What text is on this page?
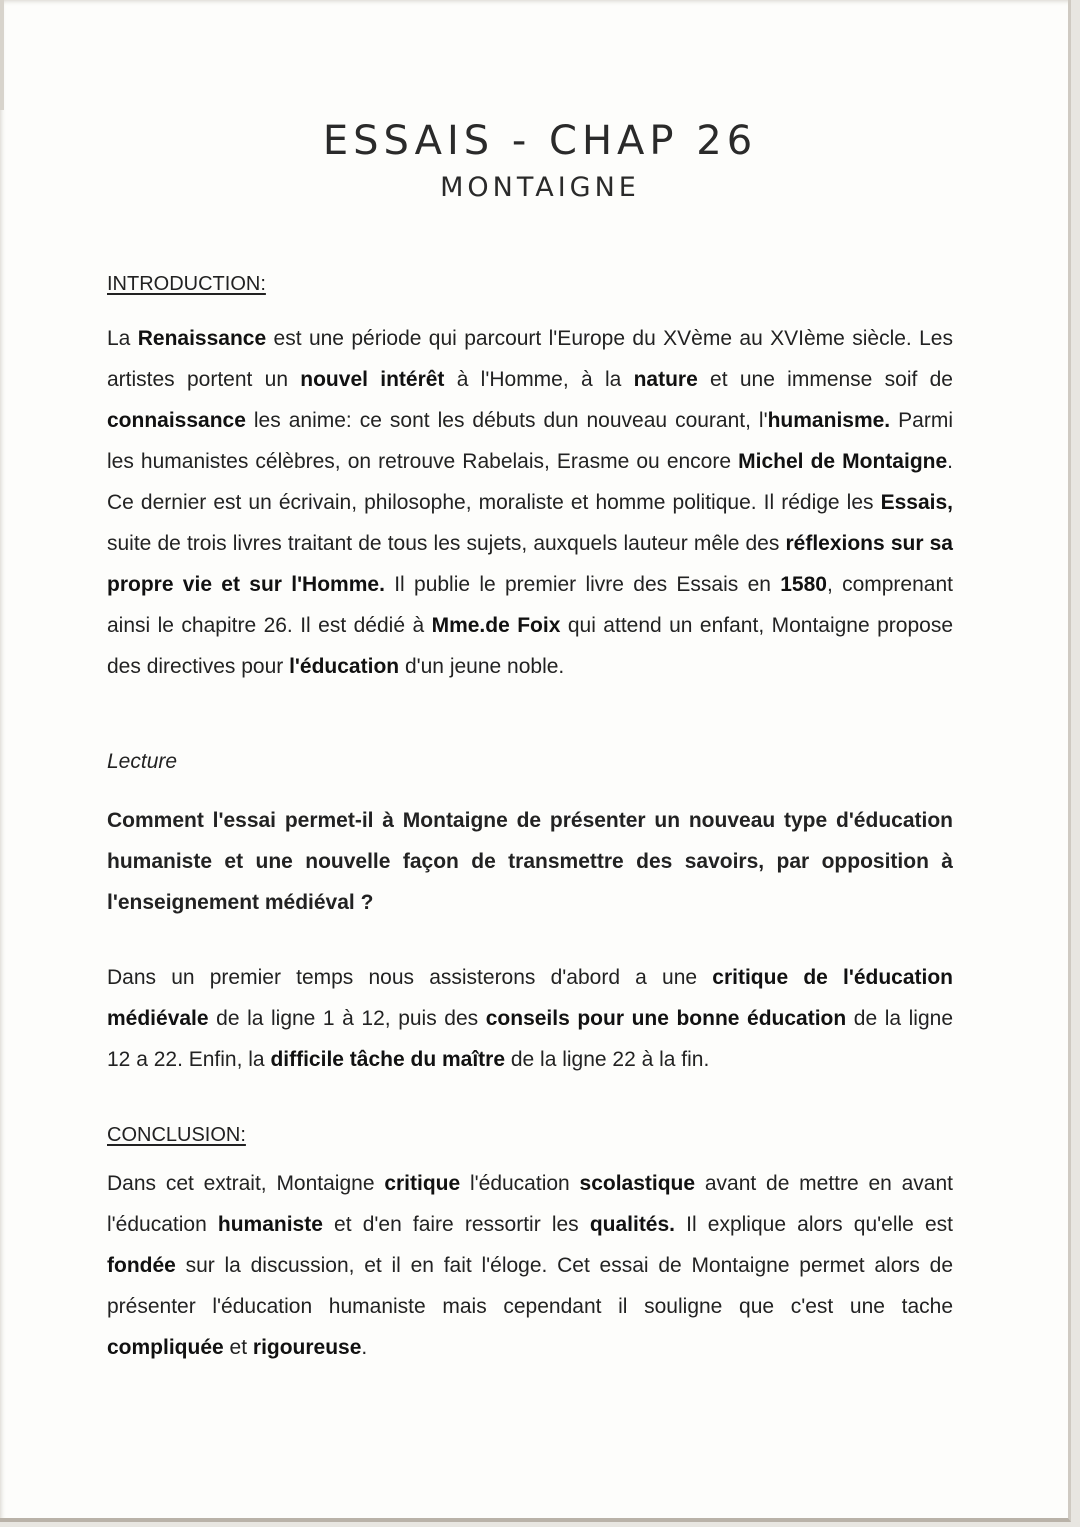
ESSAIS - CHAP 26
MONTAIGNE
INTRODUCTION:

La Renaissance est une période qui parcourt l'Europe du XVème au XVIème siècle. Les artistes portent un nouvel intérêt à l'Homme, à la nature et une immense soif de connaissance les anime: ce sont les débuts dun nouveau courant, l'humanisme. Parmi les humanistes célèbres, on retrouve Rabelais, Erasme ou encore Michel de Montaigne. Ce dernier est un écrivain, philosophe, moraliste et homme politique. Il rédige les Essais, suite de trois livres traitant de tous les sujets, auxquels lauteur mêle des réflexions sur sa propre vie et sur l'Homme. Il publie le premier livre des Essais en 1580, comprenant ainsi le chapitre 26. Il est dédié à Mme.de Foix qui attend un enfant, Montaigne propose des directives pour l'éducation d'un jeune noble.

Lecture

Comment l'essai permet-il à Montaigne de présenter un nouveau type d'éducation humaniste et une nouvelle façon de transmettre des savoirs, par opposition à l'enseignement médiéval ?

Dans un premier temps nous assisterons d'abord a une critique de l'éducation médiévale de la ligne 1 à 12, puis des conseils pour une bonne éducation de la ligne 12 a 22. Enfin, la difficile tâche du maître de la ligne 22 à la fin.

CONCLUSION:

Dans cet extrait, Montaigne critique l'éducation scolastique avant de mettre en avant l'éducation humaniste et d'en faire ressortir les qualités. Il explique alors qu'elle est fondée sur la discussion, et il en fait l'éloge. Cet essai de Montaigne permet alors de présenter l'éducation humaniste mais cependant il souligne que c'est une tache compliquée et rigoureuse.
